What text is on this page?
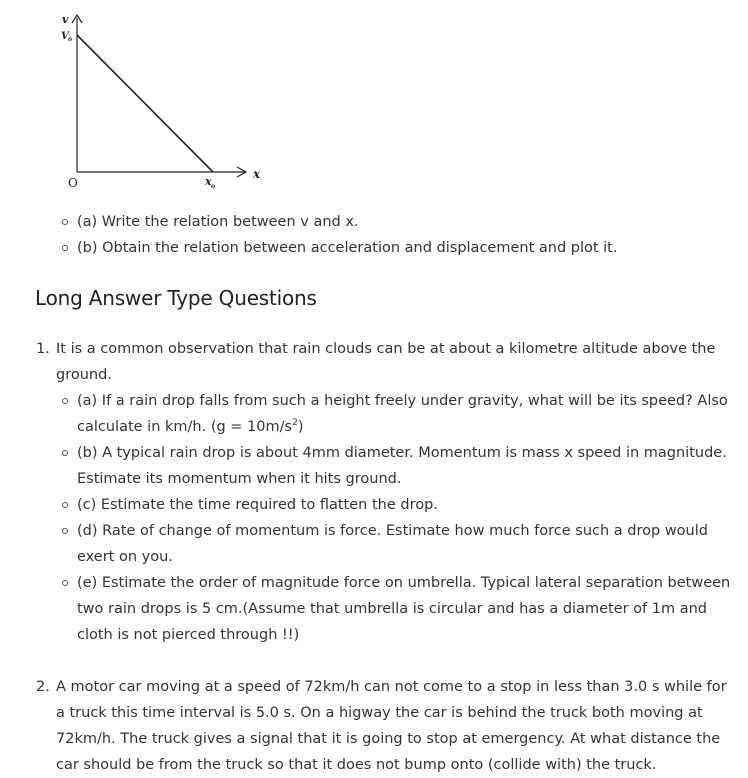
v
V o
x
x o
O
(a) Write the relation between v and x.
(b) Obtain the relation between acceleration and displacement and plot it.
Long Answer Type Questions
1. It is a common observation that rain clouds can be at about a kilometre altitude above the ground.
(a) If a rain drop falls from such a height freely under gravity, what will be its speed? Also calculate in km/h. $(g = 10m/s^2)$
(b) A typical rain drop is about 4mm diameter. Momentum is mass x speed in magnitude. Estimate its momentum when it hits ground.
(c) Estimate the time required to flatten the drop.
(d) Rate of change of momentum is force. Estimate how much force such a drop would exert on you.
(e) Estimate the order of magnitude force on umbrella. Typical lateral separation between two rain drops is 5 cm.(Assume that umbrella is circular and has a diameter of 1m and cloth is not pierced through !!)
2. A motor car moving at a speed of 72km/h can not come to a stop in less than 3.0 s while for a truck this time interval is 5.0 s. On a higway the car is behind the truck both moving at 72km/h. The truck gives a signal that it is going to stop at emergency. At what distance the car should be from the truck so that it does not bump onto (collide with) the truck.
